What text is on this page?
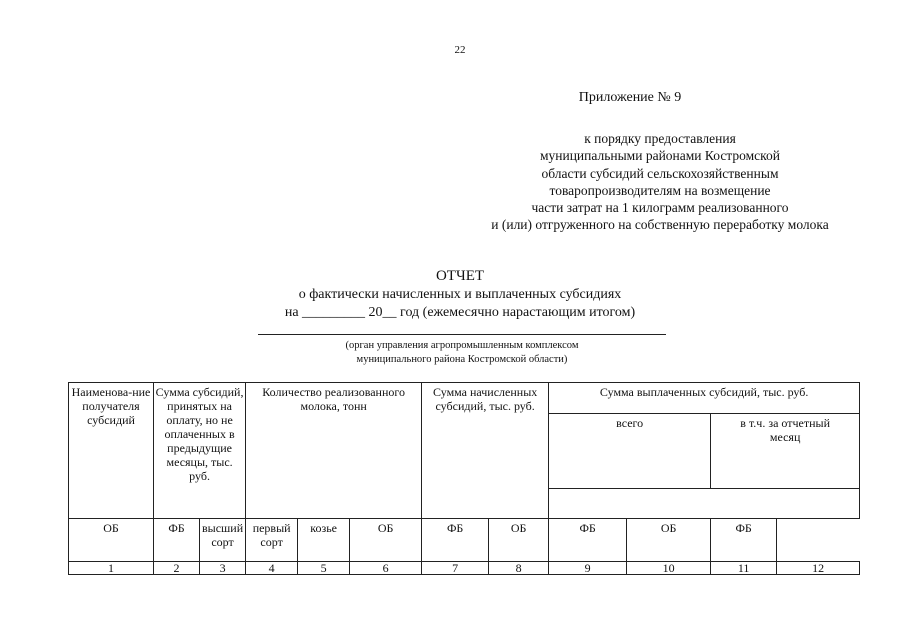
22
Приложение № 9
к порядку предоставления
муниципальными районами Костромской
области субсидий сельскохозяйственным
товаропроизводителям на возмещение
части затрат на 1 килограмм реализованного
и (или) отгруженного на собственную переработку молока
ОТЧЕТ
о фактически начисленных и выплаченных субсидиях
на _________ 20__ год (ежемесячно нарастающим итогом)
(орган управления агропромышленным комплексом
муниципального района Костромской области)
Наименова-ние получателя субсидий	Сумма субсидий, принятых на оплату, но не оплаченных в предыдущие месяцы, тыс. руб.		Количество реализованного молока, тонн			Сумма начисленных субсидий, тыс. руб.		Сумма выплаченных субсидий, тыс. руб.			
								всего		в т.ч. за отчетный месяц	

ОБ	ФБ	высший сорт	первый сорт	козье	ОБ	ФБ	ОБ	ФБ	ОБ	ФБ	
1	2	3	4	5	6	7	8	9	10	11	12
